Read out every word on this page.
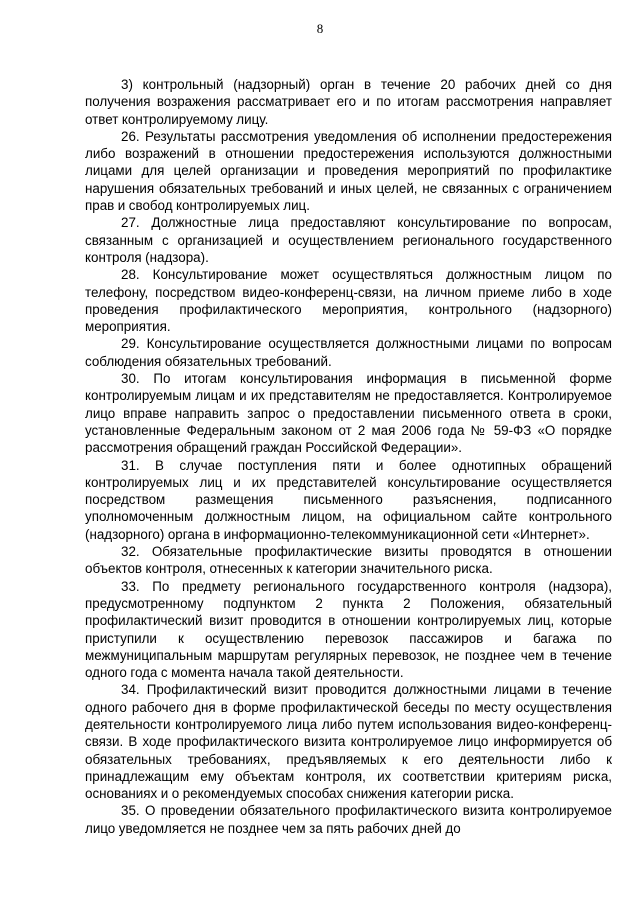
8

3) контрольный (надзорный) орган в течение 20 рабочих дней со дня получения возражения рассматривает его и по итогам рассмотрения направляет ответ контролируемому лицу.

26. Результаты рассмотрения уведомления об исполнении предостережения либо возражений в отношении предостережения используются должностными лицами для целей организации и проведения мероприятий по профилактике нарушения обязательных требований и иных целей, не связанных с ограничением прав и свобод контролируемых лиц.

27. Должностные лица предоставляют консультирование по вопросам, связанным с организацией и осуществлением регионального государственного контроля (надзора).

28. Консультирование может осуществляться должностным лицом по телефону, посредством видео-конференц-связи, на личном приеме либо в ходе проведения профилактического мероприятия, контрольного (надзорного) мероприятия.

29. Консультирование осуществляется должностными лицами по вопросам соблюдения обязательных требований.

30. По итогам консультирования информация в письменной форме контролируемым лицам и их представителям не предоставляется. Контролируемое лицо вправе направить запрос о предоставлении письменного ответа в сроки, установленные Федеральным законом от 2 мая 2006 года № 59-ФЗ «О порядке рассмотрения обращений граждан Российской Федерации».

31. В случае поступления пяти и более однотипных обращений контролируемых лиц и их представителей консультирование осуществляется посредством размещения письменного разъяснения, подписанного уполномоченным должностным лицом, на официальном сайте контрольного (надзорного) органа в информационно-телекоммуникационной сети «Интернет».

32. Обязательные профилактические визиты проводятся в отношении объектов контроля, отнесенных к категории значительного риска.

33. По предмету регионального государственного контроля (надзора), предусмотренному подпунктом 2 пункта 2 Положения, обязательный профилактический визит проводится в отношении контролируемых лиц, которые приступили к осуществлению перевозок пассажиров и багажа по межмуниципальным маршрутам регулярных перевозок, не позднее чем в течение одного года с момента начала такой деятельности.

34. Профилактический визит проводится должностными лицами в течение одного рабочего дня в форме профилактической беседы по месту осуществления деятельности контролируемого лица либо путем использования видео-конференц-связи. В ходе профилактического визита контролируемое лицо информируется об обязательных требованиях, предъявляемых к его деятельности либо к принадлежащим ему объектам контроля, их соответствии критериям риска, основаниях и о рекомендуемых способах снижения категории риска.

35. О проведении обязательного профилактического визита контролируемое лицо уведомляется не позднее чем за пять рабочих дней до
